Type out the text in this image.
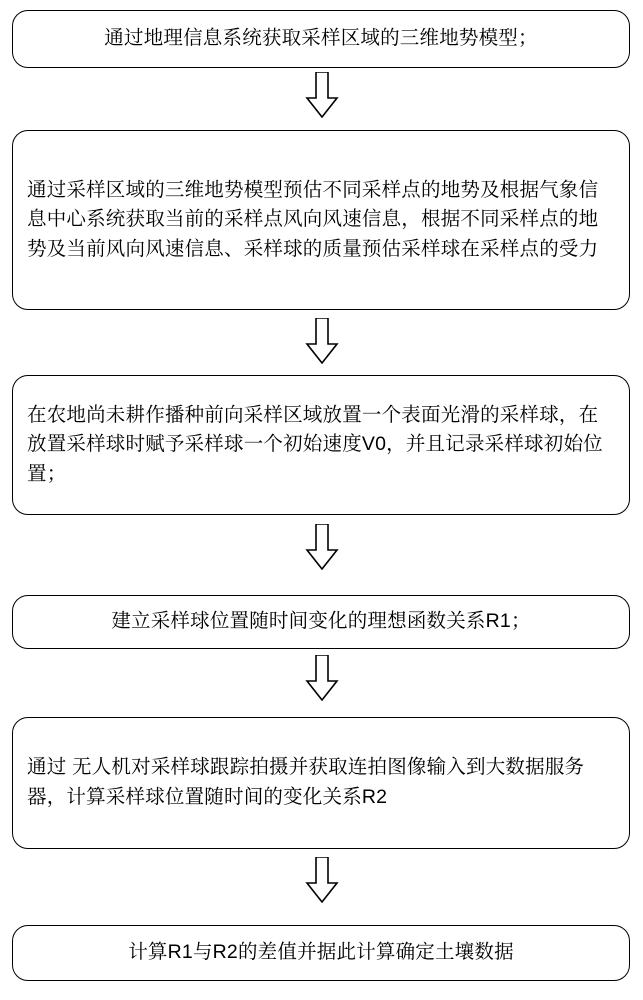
通过地理信息系统获取采样区域的三维地势模型；
通过采样区域的三维地势模型预估不同采样点的地势及根据气象信息中心系统获取当前的采样点风向风速信息，根据不同采样点的地势及当前风向风速信息、采样球的质量预估采样球在采样点的受力
在农地尚未耕作播种前向采样区域放置一个表面光滑的采样球，在放置采样球时赋予采样球一个初始速度V0，并且记录采样球初始位置；
建立采样球位置随时间变化的理想函数关系R1；
通过 无人机对采样球跟踪拍摄并获取连拍图像输入到大数据服务器，计算采样球位置随时间的变化关系R2
计算R1与R2的差值并据此计算确定土壤数据
